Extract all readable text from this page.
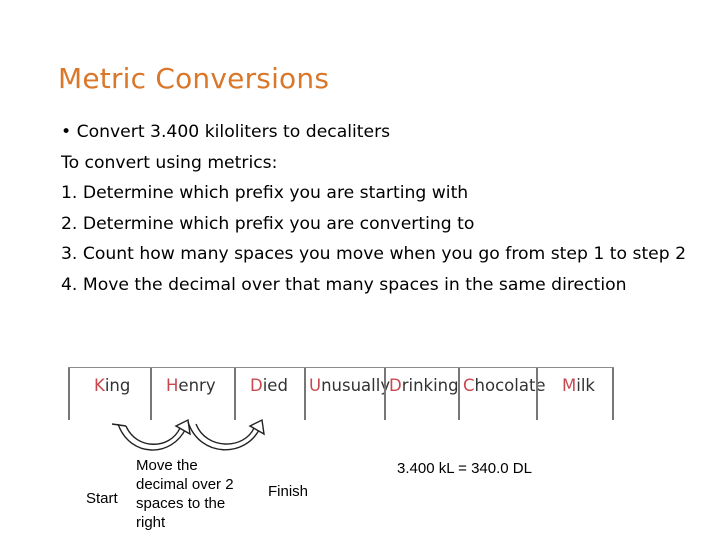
Metric Conversions
• Convert 3.400 kiloliters to decaliters
To convert using metrics:
1. Determine which prefix you are starting with
2. Determine which prefix you are converting to
3. Count how many spaces you move when you go from step 1 to step 2
4. Move the decimal over that many spaces in the same direction
King	Henry	Died	Unusually
Drinking Chocolate Milk
Start
Move the
decimal over 2
spaces to the
right
Finish
3.400 kL = 340.0 DL
